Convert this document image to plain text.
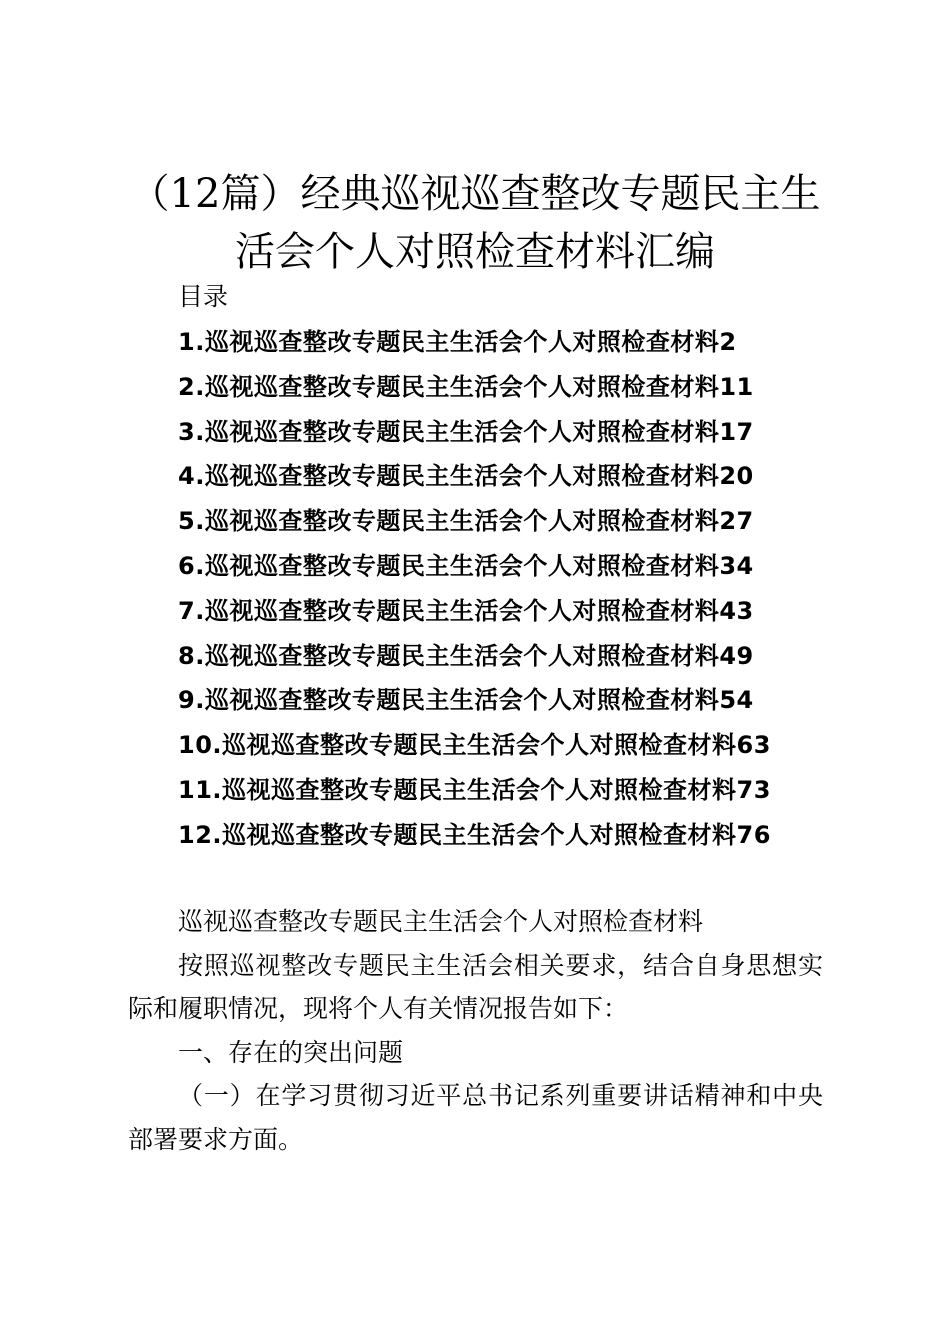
（12篇）经典巡视巡查整改专题民主生
活会个人对照检查材料汇编
目录
1.巡视巡查整改专题民主生活会个人对照检查材料2
2.巡视巡查整改专题民主生活会个人对照检查材料11
3.巡视巡查整改专题民主生活会个人对照检查材料17
4.巡视巡查整改专题民主生活会个人对照检查材料20
5.巡视巡查整改专题民主生活会个人对照检查材料27
6.巡视巡查整改专题民主生活会个人对照检查材料34
7.巡视巡查整改专题民主生活会个人对照检查材料43
8.巡视巡查整改专题民主生活会个人对照检查材料49
9.巡视巡查整改专题民主生活会个人对照检查材料54
10.巡视巡查整改专题民主生活会个人对照检查材料63
11.巡视巡查整改专题民主生活会个人对照检查材料73
12.巡视巡查整改专题民主生活会个人对照检查材料76

巡视巡查整改专题民主生活会个人对照检查材料

按照巡视整改专题民主生活会相关要求，结合自身思想实际和履职情况，现将个人有关情况报告如下：

一、存在的突出问题

（一）在学习贯彻习近平总书记系列重要讲话精神和中央部署要求方面。
